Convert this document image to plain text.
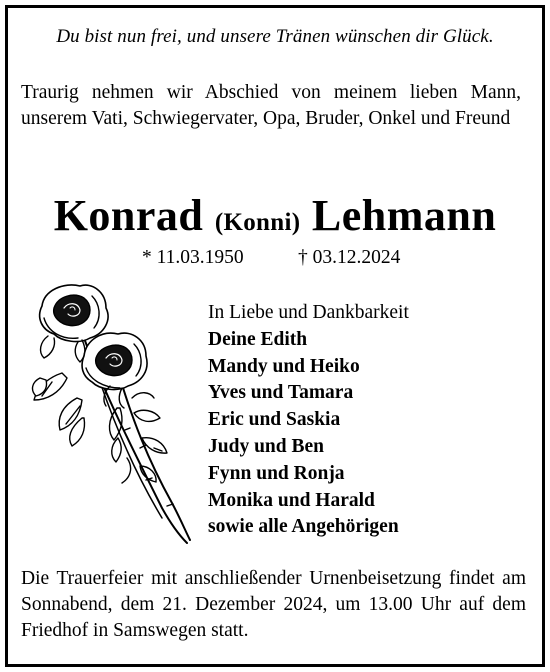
Du bist nun frei, und unsere Tränen wünschen dir Glück.
Traurig nehmen wir Abschied von meinem lieben Mann, unserem Vati, Schwiegervater, Opa, Bruder, Onkel und Freund
Konrad (Konni) Lehmann
* 11.03.1950	† 03.12.2024
In Liebe und Dankbarkeit
Deine Edith
Mandy und Heiko
Yves und Tamara
Eric und Saskia
Judy und Ben
Fynn und Ronja
Monika und Harald
sowie alle Angehörigen
Die Trauerfeier mit anschließender Urnenbeisetzung findet am Sonnabend, dem 21. Dezember 2024, um 13.00 Uhr auf dem Friedhof in Samswegen statt.
